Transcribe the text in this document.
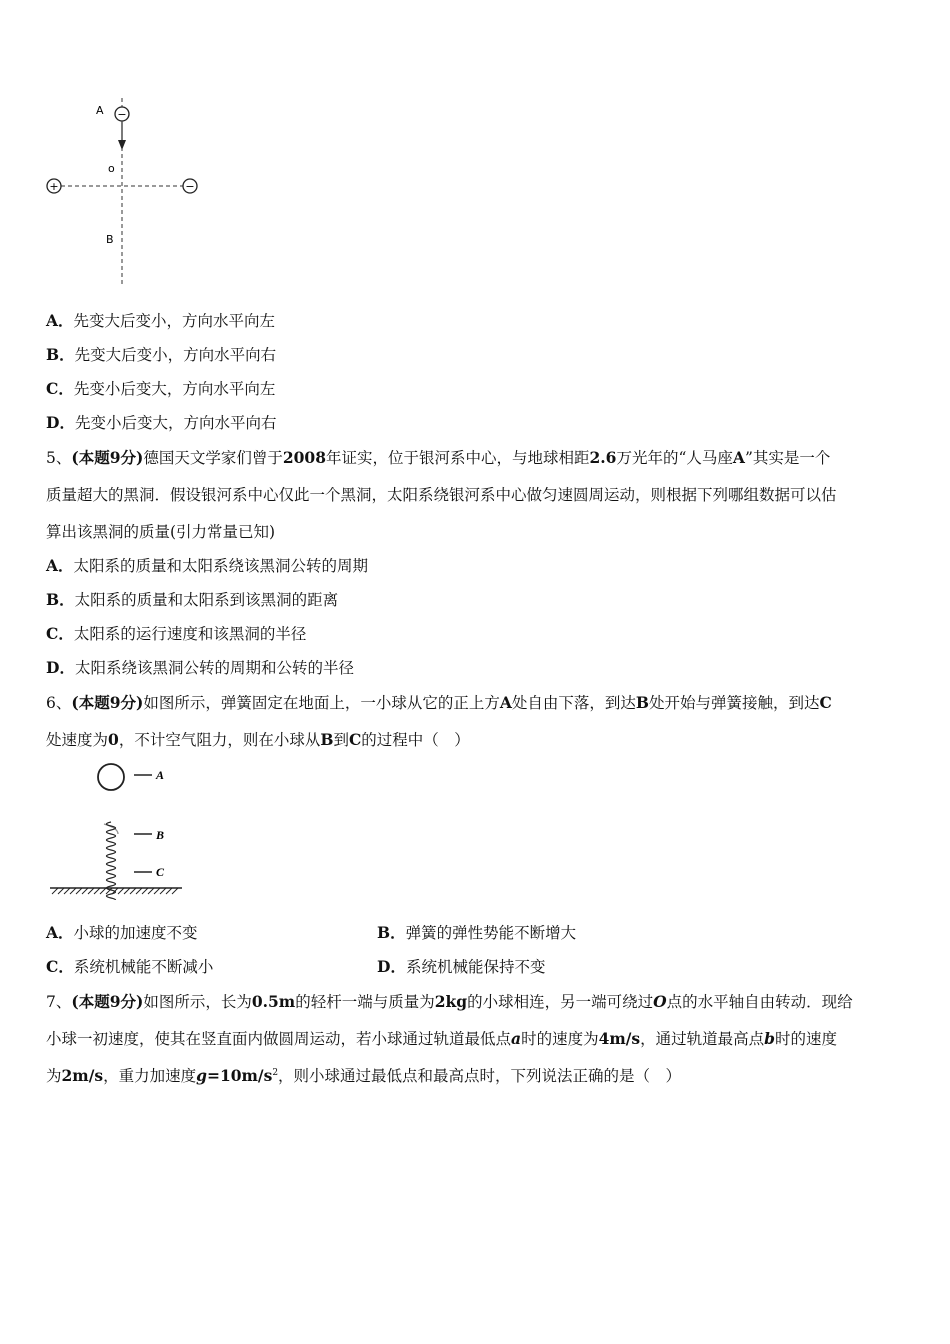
−
+	−
A
o
B
A．先变大后变小，方向水平向左
B．先变大后变小，方向水平向右
C．先变小后变大，方向水平向左
D．先变小后变大，方向水平向右
5、(本题9分)德国天文学家们曾于2008年证实，位于银河系中心，与地球相距2.6万光年的“人马座A”其实是一个
质量超大的黑洞．假设银河系中心仅此一个黑洞，太阳系绕银河系中心做匀速圆周运动，则根据下列哪组数据可以估
算出该黑洞的质量(引力常量已知)
A．太阳系的质量和太阳系绕该黑洞公转的周期
B．太阳系的质量和太阳系到该黑洞的距离
C．太阳系的运行速度和该黑洞的半径
D．太阳系绕该黑洞公转的周期和公转的半径
6、(本题9分)如图所示，弹簧固定在地面上，一小球从它的正上方A处自由下落，到达B处开始与弹簧接触，到达C
处速度为0，不计空气阻力，则在小球从B到C的过程中（　）
A
B
C
A．小球的加速度不变	B．弹簧的弹性势能不断增大
C．系统机械能不断减小	D．系统机械能保持不变
7、(本题9分)如图所示，长为0.5m的轻杆一端与质量为2kg的小球相连，另一端可绕过O点的水平轴自由转动．现给
小球一初速度，使其在竖直面内做圆周运动，若小球通过轨道最低点a时的速度为4m/s，通过轨道最高点b时的速度
为2m/s，重力加速度$g=10m/s^2$，则小球通过最低点和最高点时，下列说法正确的是（　）
